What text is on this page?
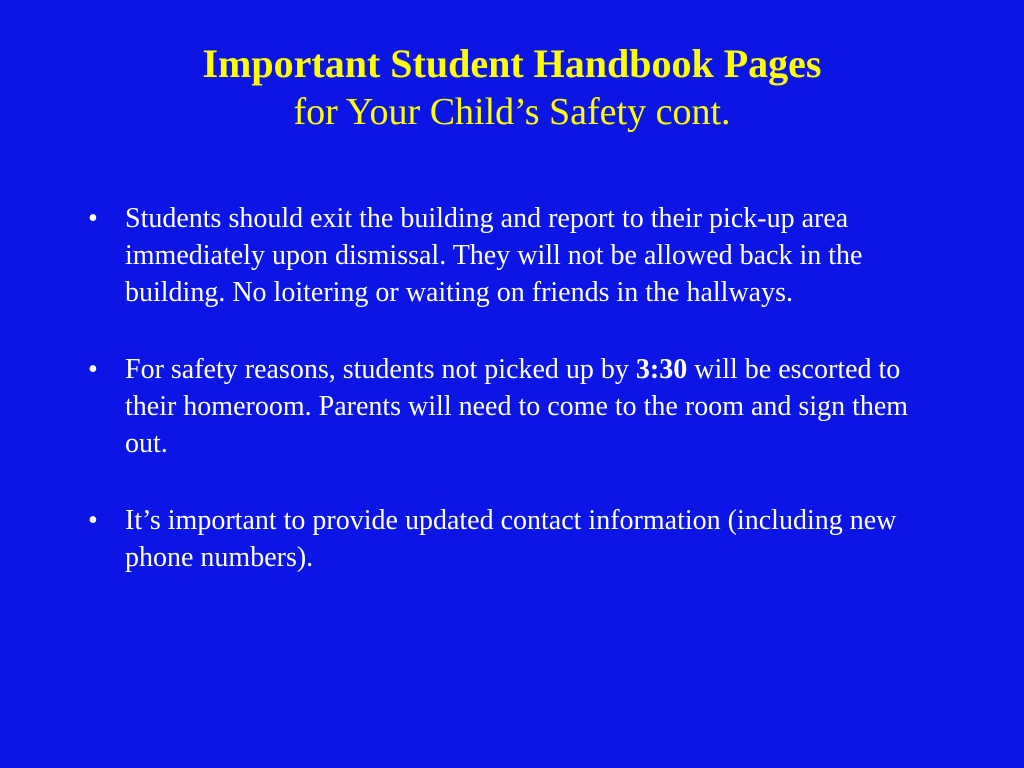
Important Student Handbook Pages
for Your Child’s Safety cont.
• Students should exit the building and report to their pick-up area immediately upon dismissal. They will not be allowed back in the building. No loitering or waiting on friends in the hallways.
• For safety reasons, students not picked up by 3:30 will be escorted to their homeroom. Parents will need to come to the room and sign them out.
• It’s important to provide updated contact information (including new phone numbers).
